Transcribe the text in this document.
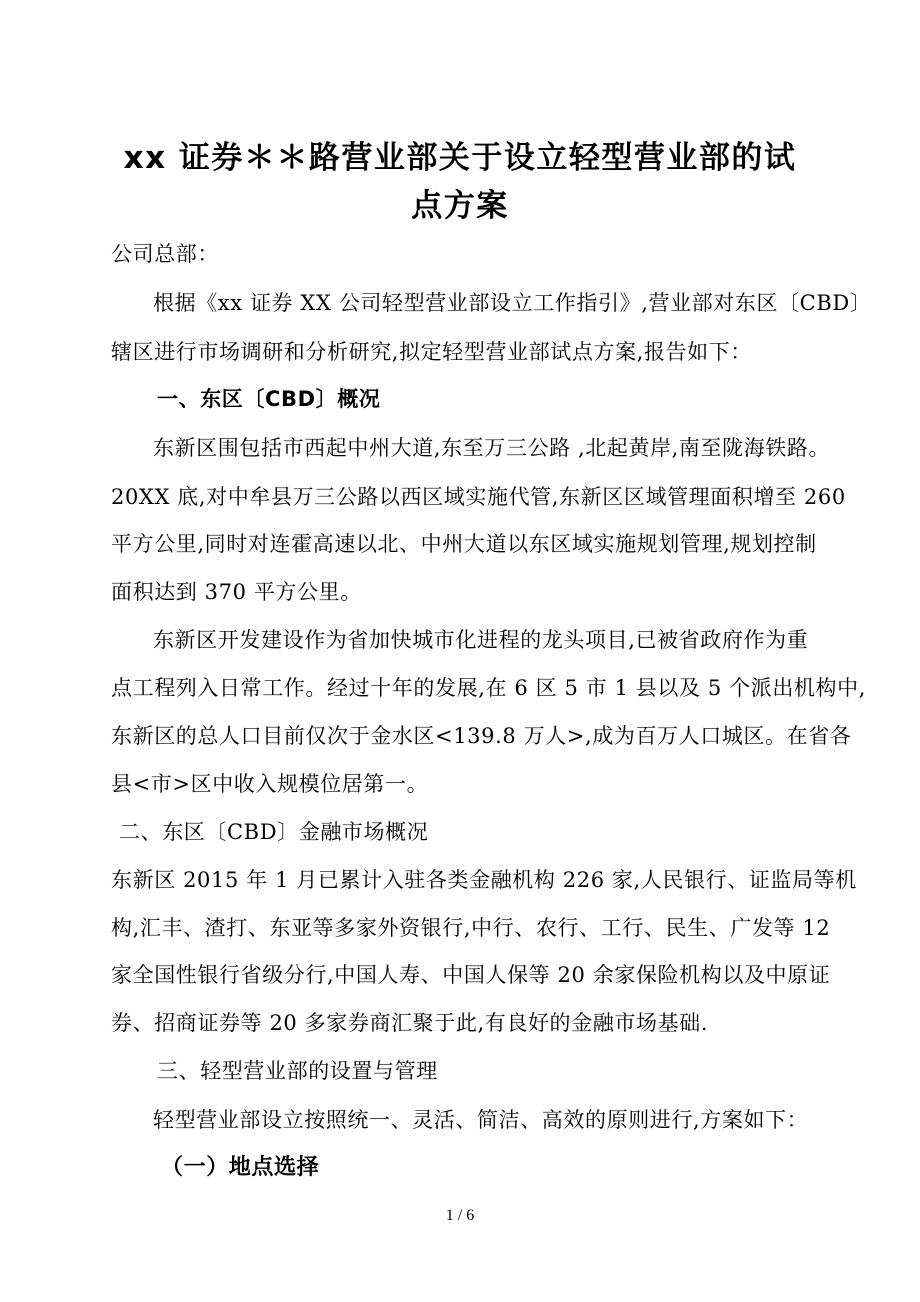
xx 证券＊＊路营业部关于设立轻型营业部的试
点方案
公司总部：
根据《xx 证券 XX 公司轻型营业部设立工作指引》,营业部对东区〔CBD〕
辖区进行市场调研和分析研究,拟定轻型营业部试点方案,报告如下：
一、东区〔CBD〕概况
东新区围包括市西起中州大道,东至万三公路 ,北起黄岸,南至陇海铁路。
20XX 底,对中牟县万三公路以西区域实施代管,东新区区域管理面积增至 260
平方公里,同时对连霍高速以北、中州大道以东区域实施规划管理,规划控制
面积达到 370 平方公里。
东新区开发建设作为省加快城市化进程的龙头项目,已被省政府作为重
点工程列入日常工作。经过十年的发展,在 6 区 5 市 1 县以及 5 个派出机构中,
东新区的总人口目前仅次于金水区<139.8 万人>,成为百万人口城区。在省各
县<市>区中收入规模位居第一。
二、东区〔CBD〕金融市场概况
东新区 2015 年 1 月已累计入驻各类金融机构 226 家,人民银行、证监局等机
构,汇丰、渣打、东亚等多家外资银行,中行、农行、工行、民生、广发等 12
家全国性银行省级分行,中国人寿、中国人保等 20 余家保险机构以及中原证
券、招商证券等 20 多家券商汇聚于此,有良好的金融市场基础.
三、轻型营业部的设置与管理
轻型营业部设立按照统一、灵活、简洁、高效的原则进行,方案如下：
（一）地点选择
1 / 6
